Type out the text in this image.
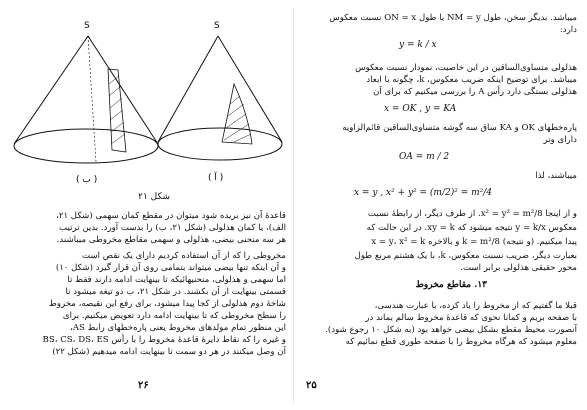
S
( ب )
S
( آ )
شکل ۲۱
قاعدهٔ آن نیز بریده شود میتوان در مقطع کمان سهمی (شکل ۲۱،
الف)، یا کمان هذلولی (شکل ۲۱، ب) را بدست آورد. بدین ترتیب
هر سه منحنی بیضی، هذلولی و سهمی مقاطع مخروطی میباشند.
مخروطی را که از آن استفاده کردیم دارای یک نقص است
و آن اینکه تنها بیضی میتواند بتمامی روی آن قرار گیرد (شکل ۱۰)
اما سهمی و هذلولی، منحنیهائیکه تا بینهایت ادامه دارند فقط تا
قسمتی بینهایت از آن بکشند. در شکل ۲۱، ب دو تیغه میشود تا
شاخهٔ دوم هذلولی از کجا پیدا میشود، برای رفع این نقیصه، مخروط
را سطح مخروطی که تا بینهایت ادامه دارد تعویض میکنیم. برای
این منظور تمام مولدهای مخروط یعنی پاره‌خطهای رابط AS،
BS، CS، DS، ES و غیره را که نقاط دایرهٔ قاعدهٔ مخروط را با رأس
آن وصل میکنند در هر دو سمت تا بینهایت ادامه میدهیم (شکل ۲۲)
۲۶
میباشد. بدیگر سخن، طول NM = y با طول ON = x نسبت معکوس
دارد:
y = k / x
هذلولی متساوی‌الساقین در این خاصیت، نمودار نسبت معکوس
میباشد. برای توضیح اینکه ضریب معکوس، k، چگونه با ابعاد
هذلولی بستگی دارد رأس A را بررسی میکنیم که برای آن
x = OK , y = KA
پاره‌خطهای OK و KA ساق سه گوشه متساوی‌الساقین قائم‌الزاویه
دارای وتر
OA = m / 2
میباشند، لذا
x = y , x² + y² = (m/2)² = m²/4
و از اینجا x² = y² = m²/8. از طرف دیگر، از رابطهٔ نسبت
معکوس y = k/x نتیجه میشود که xy = k. در این حالت که
x = y، x² = k و بالاخره k = m²/8 پیدا میکنیم. (و نتیجه)
بعبارت دیگر، ضریب نسبت معکوس، k، با یک هشتم مربع طول
محور حقیقی هذلولی برابر است.
۱۳. مقاطع مخروط
قبلا ما گفتیم که از مخروط را یاد کرده، با عبارت هندسی،
با صفحه بریم و کمانا نحوی که قاعدهٔ مخروط سالم بماند در
آنصورت محیط مقطع بشکل بیضی خواهد بود (به شکل ۱۰ رجوع شود).
معلوم میشود که هرگاه مخروط را با صفحه طوری قطع نمائیم که
۲۵
